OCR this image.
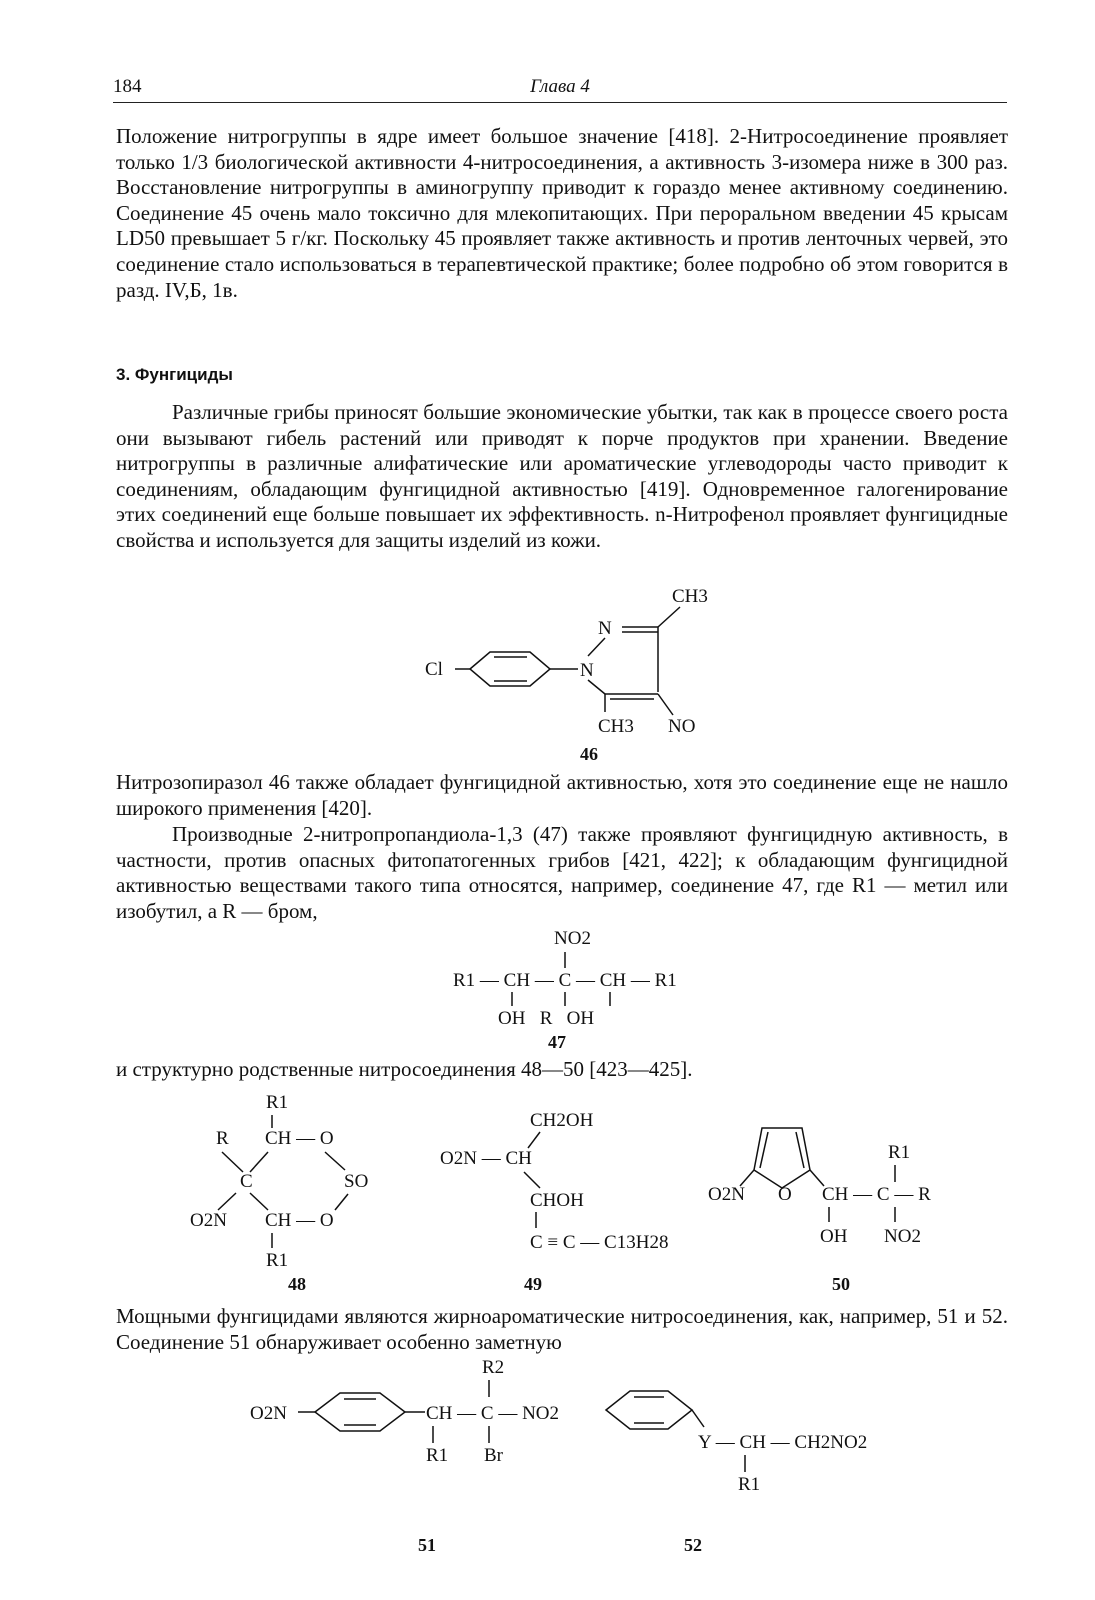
184	Глава 4

Положение нитрогруппы в ядре имеет большое значение [418]. 2-Нитросоединение проявляет только 1/3 биологической активности 4-нитросоединения, а активность 3-изомера ниже в 300 раз. Восстановление нитрогруппы в аминогруппу приводит к гораздо менее активному соединению. Соединение 45 очень мало токсично для млекопитающих. При пероральном введении 45 крысам LD50 превышает 5 г/кг. Поскольку 45 проявляет также активность и против ленточных червей, это соединение стало использоваться в терапевтической практике; более подробно об этом говорится в разд. IV,Б, 1в.

3. Фунгициды

Различные грибы приносят большие экономические убытки, так как в процессе своего роста они вызывают гибель растений или приводят к порче продуктов при хранении. Введение нитрогруппы в различные алифатические или ароматические углеводороды часто приводит к соединениям, обладающим фунгицидной активностью [419]. Одновременное галогенирование этих соединений еще больше повышает их эффективность. n-Нитрофенол проявляет фунгицидные свойства и используется для защиты изделий из кожи.

Cl	N
N
CH3
CH3 NO
46

Нитрозопиразол 46 также обладает фунгицидной активностью, хотя это соединение еще не нашло широкого применения [420].

Производные 2-нитропропандиола-1,3 (47) также проявляют фунгицидную активность, в частности, против опасных фитопатогенных грибов [421, 422]; к обладающим фунгицидной активностью веществами такого типа относятся, например, соединение 47, где R1 — метил или изобутил, а R — бром,

NO2
R1 — CH — C — CH — R1
OH   R   OH
47

и структурно родственные нитросоединения 48—50 [423—425].

R1
R CH — O
C	SO
O2N CH — O
R1
48
CH2OH
O2N — CH
CHOH
C ≡ C — C13H28
49
O2N O
R1
CH — C — R
OH NO2
50

Мощными фунгицидами являются жирноароматические нитросоединения, как, например, 51 и 52. Соединение 51 обнаруживает особенно заметную

O2N
R2
CH — C — NO2
R1 Br
51
Y — CH — CH2NO2
R1
52
